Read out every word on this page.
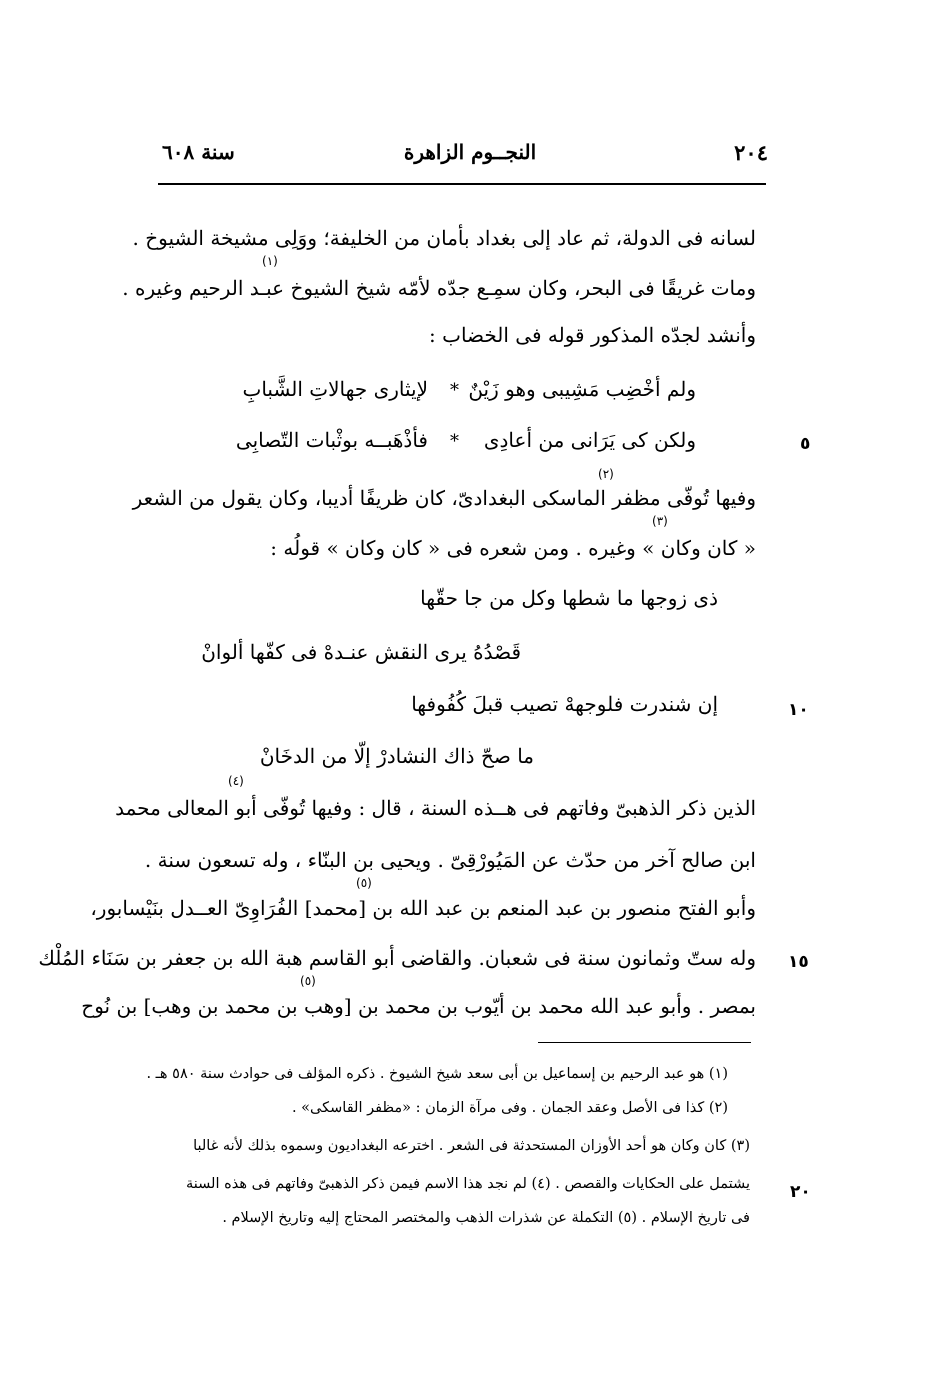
٢٠٤
النجــوم الزاهرة
سنة ٦٠٨
لسانه فى الدولة، ثم عاد إلى بغداد بأمان من الخليفة؛ ووَلِى مشيخة الشيوخ .
ومات غريقًا فى البحر، وكان سمِـع جدّه لأمّه شيخ الشيوخ عبـد الرحيم وغيره .
وأنشد لجدّه المذكور قوله فى الخضاب :
(١)
ولم أخْضِب مَشِيبى وهو زَيْنٌ
*
لإيثارى جهالاتِ الشَّبابِ
ولكن كى يَرَانى من أعادِى
*
فأذْهَبــه بوثْبات التّصابِى	٥
(٢)
(٣)
وفيها تُوفّى مظفر الماسكى البغدادىّ، كان ظريفًا أديبا، وكان يقول من الشعر
« كان وكان » وغيره . ومن شعره فى « كان وكان » قولُه :
ذى زوجها ما شطها وكل من جا حقّها
قَصْدُهُ يرى النقش عنـدهْ فى كفّها ألوانْ
إن شندرت فلوجههْ تصيب قبلَ كُفُوفها
ما صحّ ذاك النشادرْ إلّا من الدخَانْ
١٠
(٤)
الذين ذكر الذهبىّ وفاتهم فى هــذه السنة ، قال : وفيها تُوفّى أبو المعالى محمد
ابن صالح آخر من حدّث عن المَيُورْقِىّ . ويحيى بن البنّاء ، وله تسعون سنة .
(٥)
وأبو الفتح منصور بن عبد المنعم بن عبد الله بن [محمد] الفُرَاوِىّ العــدل بنَيْسابور،
وله ستّ وثمانون سنة فى شعبان. والقاضى أبو القاسم هبة الله بن جعفر بن سَنَاء المُلْك ١٥
(٥)
بمصر . وأبو عبد الله محمد بن أيّوب بن محمد بن [وهب بن محمد بن وهب] بن نُوح
(١) هو عبد الرحيم بن إسماعيل بن أبى سعد شيخ الشيوخ . ذكره المؤلف فى حوادث سنة ٥٨٠ هـ .
(٢) كذا فى الأصل وعقد الجمان . وفى مرآة الزمان : «مظفر القاسكى» .
(٣) كان وكان هو أحد الأوزان المستحدثة فى الشعر . اخترعه البغداديون وسموه بذلك لأنه غالبا
يشتمل على الحكايات والقصص . (٤) لم نجد هذا الاسم فيمن ذكر الذهبىّ وفاتهم فى هذه السنة
فى تاريخ الإسلام . (٥) التكملة عن شذرات الذهب والمختصر المحتاج إليه وتاريخ الإسلام .
٢٠
